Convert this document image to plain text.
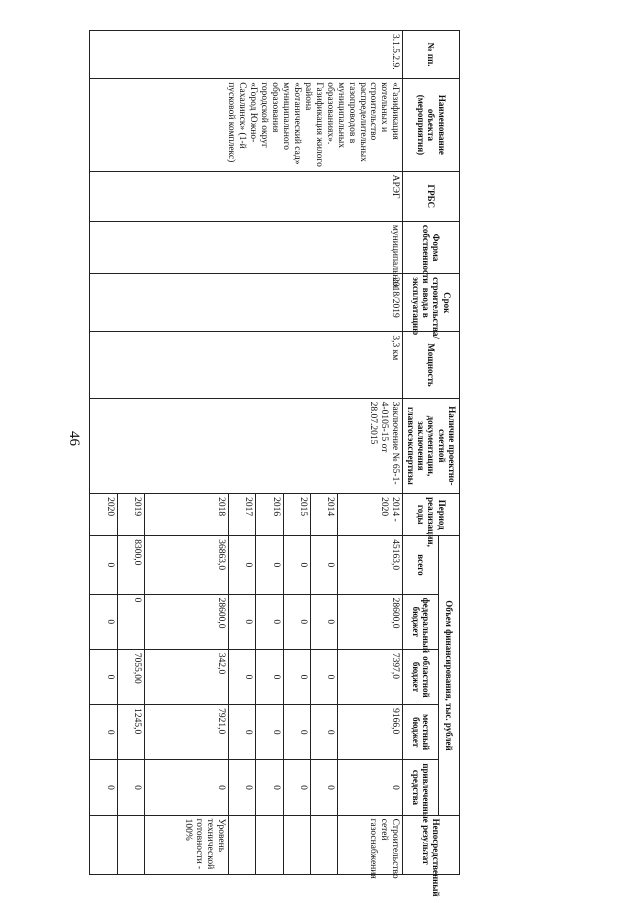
46
№ пп.	Наименование объекта (мероприятия)	ГРБС	Форма собственности	Срок строительства/ввода в эксплуатацию	Мощность	Наличие проектно-сметной документации, заключения главгосэкспертизы	Период реализации, годы	Объем финансирования, тыс. рублей					Непосредственный результат
								всего	федеральный бюджет	областной бюджет	местный бюджет	привлеченные средства	
3.1.5.2.9.	«Газификация котельных и строительство распределительных газопроводов в муниципальных образованиях». Газификация жилого района «Ботанический сад» муниципального образования городской округ «Город Южно-Сахалинск» (1-й пусковой комплекс)	АРЭГ	муниципальная	2018/2019	3,3 км	Заключение № 65-1-4-0105-15 от 28.07.2015	2014 - 2020	45163,0	28600,0	7397,0	9166,0	0	Строительство сетей газоснабжения
							2014	0	0	0	0	0	
							2015	0	0	0	0	0	
							2016	0	0	0	0	0	
							2017	0	0	0	0	0	
							2018	36863,0	28600,0	342,0	7921,0	0	Уровень технической готовности - 100%
							2019	8300,0	0	7055,00	1245,0	0	
							2020	0	0	0	0	0	
